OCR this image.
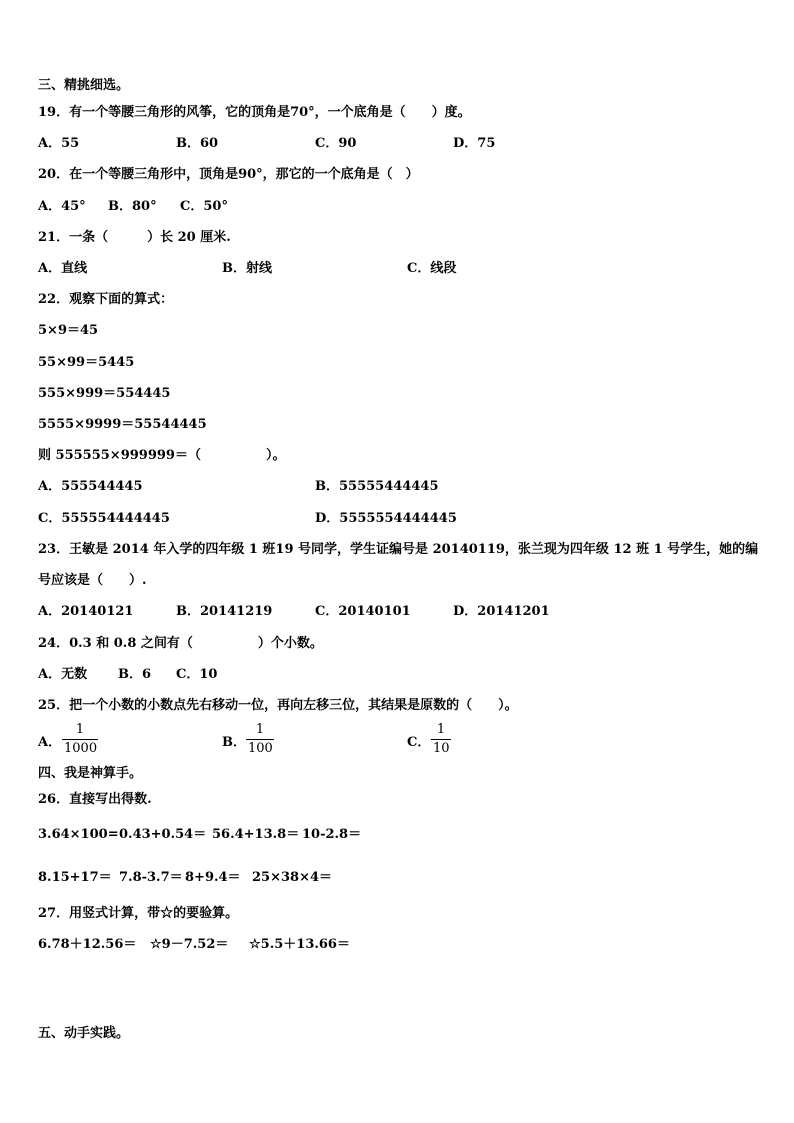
三、精挑细选。
19．有一个等腰三角形的风筝，它的顶角是70°，一个底角是（　　）度。
A．55	B．60	C．90	D．75
20．在一个等腰三角形中，顶角是90°，那它的一个底角是（　）
A．45° B．80° C．50°
21．一条（　　　）长 20 厘米.
A．直线	B．射线	C．线段
22．观察下面的算式：
5×9＝45
55×99＝5445
555×999＝554445
5555×9999＝55544445
则 555555×999999＝（　　　　　）。
A．555544445	B．55555444445
C．555554444445	D．5555554444445
23．王敏是 2014 年入学的四年级 1 班19 号同学，学生证编号是 20140119，张兰现为四年级 12 班 1 号学生，她的编
号应该是（　　）.
A．20140121	B．20141219	C．20140101	D．20141201
24．0.3 和 0.8 之间有（　　　　　）个小数。
A．无数 B．6 C．10
25．把一个小数的小数点先右移动一位，再向左移三位，其结果是原数的（　　）。
A．
1
1000	B．
1
100	C．
1
10
四、我是神算手。
26．直接写出得数.
3.64×100= 0.43+0.54＝ 56.4+13.8＝ 10-2.8＝
8.15+17＝ 7.8-3.7＝ 8+9.4＝ 25×38×4＝
27．用竖式计算，带☆的要验算。
6.78＋12.56＝ ☆9－7.52＝ ☆5.5＋13.66＝
五、动手实践。
